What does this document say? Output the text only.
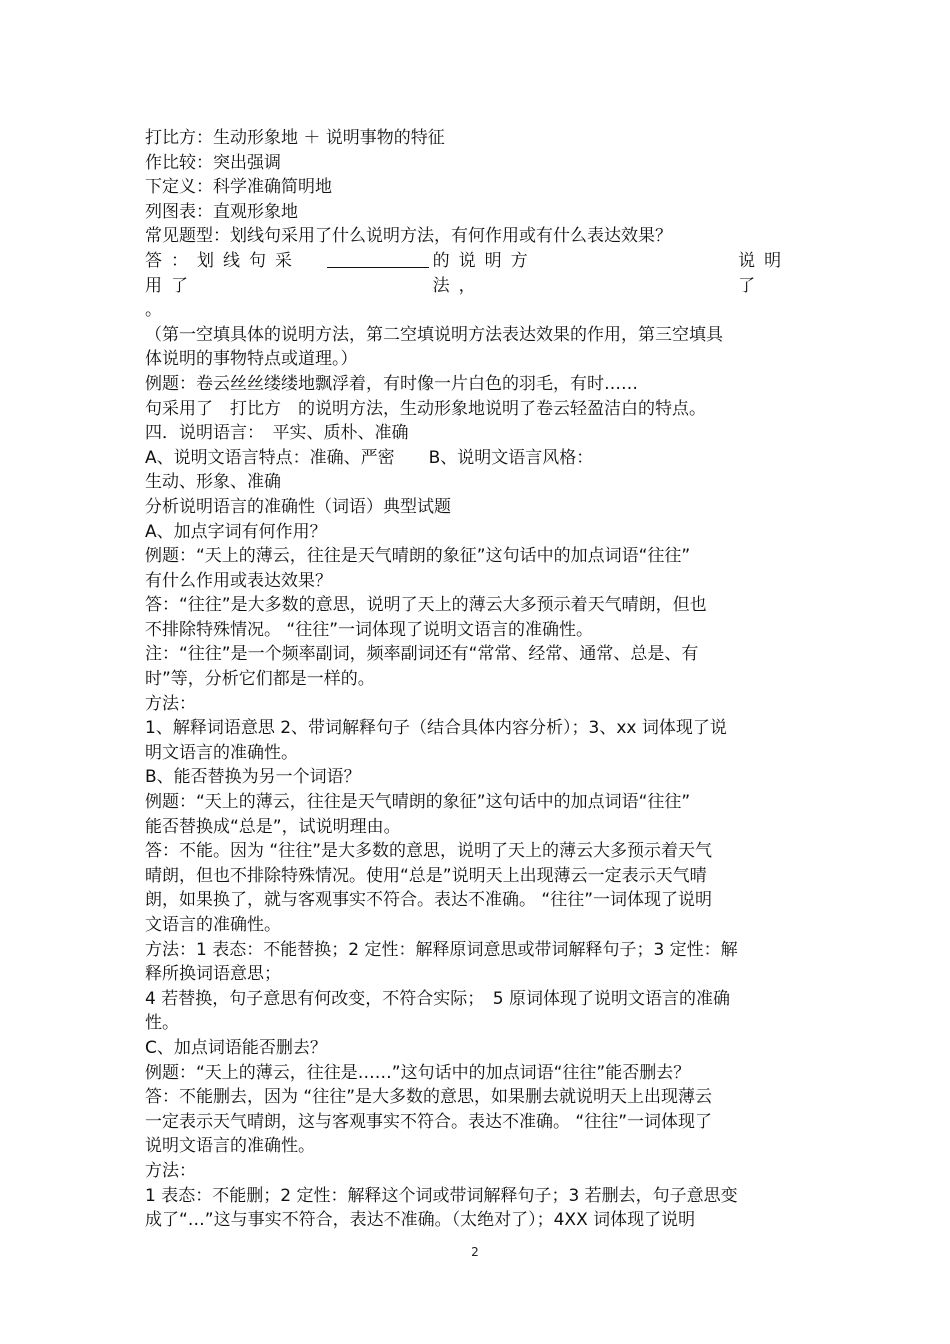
打比方：生动形象地 ＋ 说明事物的特征
作比较：突出强调
下定义：科学准确简明地
列图表：直观形象地
常见题型：划线句采用了什么说明方法，有何作用或有什么表达效果？
答：划线句采用了
的说明方法，
说明了
。
（第一空填具体的说明方法，第二空填说明方法表达效果的作用，第三空填具
体说明的事物特点或道理。）
例题：卷云丝丝缕缕地飘浮着，有时像一片白色的羽毛，有时……
句采用了　打比方　的说明方法，生动形象地说明了卷云轻盈洁白的特点。
四．说明语言：　平实、质朴、准确
A、说明文语言特点：准确、严密　　B、说明文语言风格：
生动、形象、准确
分析说明语言的准确性（词语）典型试题
A、加点字词有何作用？
例题：“天上的薄云，往往是天气晴朗的象征”这句话中的加点词语“往往”
有什么作用或表达效果？
答：“往往”是大多数的意思，说明了天上的薄云大多预示着天气晴朗，但也
不排除特殊情况。 “往往”一词体现了说明文语言的准确性。
注：“往往”是一个频率副词，频率副词还有“常常、经常、通常、总是、有
时”等，分析它们都是一样的。
方法：
1、解释词语意思 2、带词解释句子（结合具体内容分析）；3、xx 词体现了说
明文语言的准确性。
B、能否替换为另一个词语？
例题：“天上的薄云，往往是天气晴朗的象征”这句话中的加点词语“往往”
能否替换成“总是”，试说明理由。
答：不能。因为 “往往”是大多数的意思，说明了天上的薄云大多预示着天气
晴朗，但也不排除特殊情况。使用“总是”说明天上出现薄云一定表示天气晴
朗，如果换了，就与客观事实不符合。表达不准确。 “往往”一词体现了说明
文语言的准确性。
方法：1 表态：不能替换；2 定性：解释原词意思或带词解释句子；3 定性：解
释所换词语意思；
4 若替换，句子意思有何改变，不符合实际；　5 原词体现了说明文语言的准确
性。
C、加点词语能否删去？
例题：“天上的薄云，往往是……”这句话中的加点词语“往往”能否删去？
答：不能删去，因为 “往往”是大多数的意思，如果删去就说明天上出现薄云
一定表示天气晴朗，这与客观事实不符合。表达不准确。 “往往”一词体现了
说明文语言的准确性。
方法：
1 表态：不能删；2 定性：解释这个词或带词解释句子；3 若删去，句子意思变
成了“…”这与事实不符合，表达不准确。（太绝对了）；4XX 词体现了说明
2
